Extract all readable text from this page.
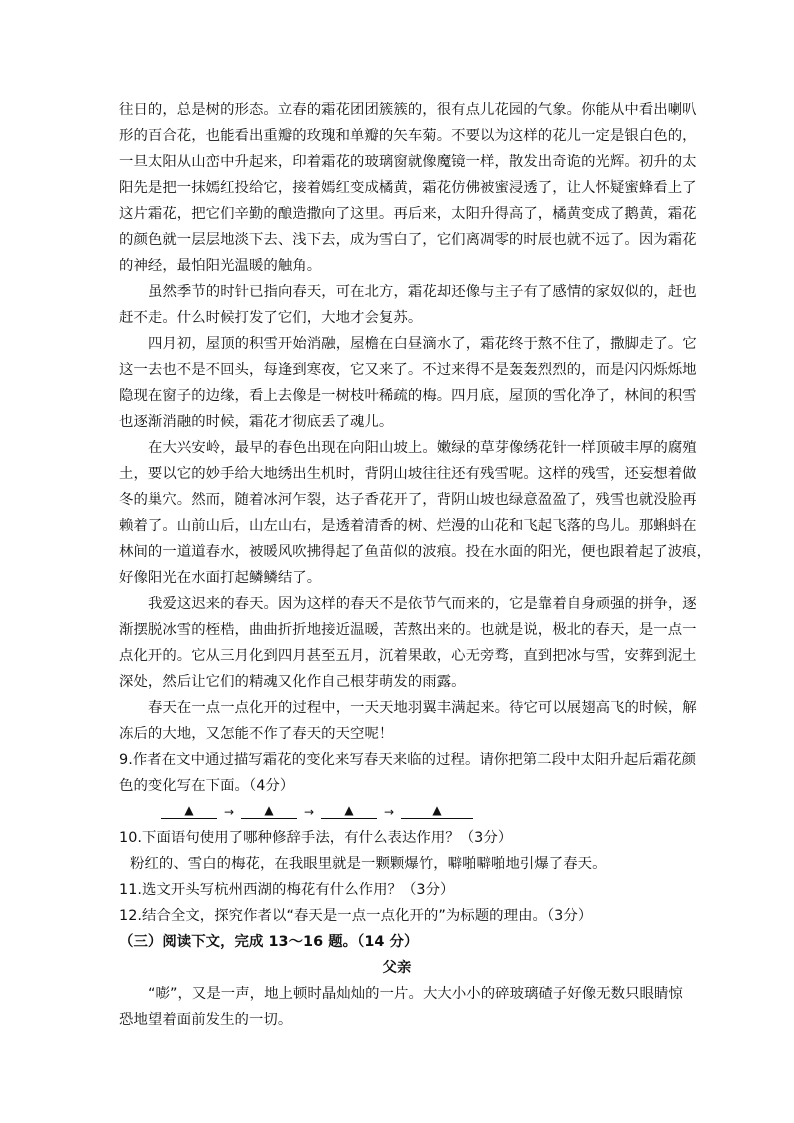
往日的，总是树的形态。立春的霜花团团簇簇的，很有点儿花园的气象。你能从中看出喇叭
形的百合花，也能看出重瓣的玫瑰和单瓣的矢车菊。不要以为这样的花儿一定是银白色的，
一旦太阳从山峦中升起来，印着霜花的玻璃窗就像魔镜一样，散发出奇诡的光辉。初升的太
阳先是把一抹嫣红投给它，接着嫣红变成橘黄，霜花仿佛被蜜浸透了，让人怀疑蜜蜂看上了
这片霜花，把它们辛勤的酿造撒向了这里。再后来，太阳升得高了，橘黄变成了鹅黄，霜花
的颜色就一层层地淡下去、浅下去，成为雪白了，它们离凋零的时辰也就不远了。因为霜花
的神经，最怕阳光温暖的触角。
虽然季节的时针已指向春天，可在北方，霜花却还像与主子有了感情的家奴似的，赶也
赶不走。什么时候打发了它们，大地才会复苏。
四月初，屋顶的积雪开始消融，屋檐在白昼滴水了，霜花终于熬不住了，撒脚走了。它
这一去也不是不回头，每逢到寒夜，它又来了。不过来得不是轰轰烈烈的，而是闪闪烁烁地
隐现在窗子的边缘，看上去像是一树枝叶稀疏的梅。四月底，屋顶的雪化净了，林间的积雪
也逐渐消融的时候，霜花才彻底丢了魂儿。
在大兴安岭，最早的春色出现在向阳山坡上。嫩绿的草芽像绣花针一样顶破丰厚的腐殖
土，要以它的妙手给大地绣出生机时，背阴山坡往往还有残雪呢。这样的残雪，还妄想着做
冬的巢穴。然而，随着冰河乍裂，达子香花开了，背阴山坡也绿意盈盈了，残雪也就没脸再
赖着了。山前山后，山左山右，是透着清香的树、烂漫的山花和飞起飞落的鸟儿。那蝌蚪在
林间的一道道春水，被暖风吹拂得起了鱼苗似的波痕。投在水面的阳光，便也跟着起了波痕，
好像阳光在水面打起鳞鳞结了。
我爱这迟来的春天。因为这样的春天不是依节气而来的，它是靠着自身顽强的拼争，逐
渐摆脱冰雪的桎梏，曲曲折折地接近温暖，苦熬出来的。也就是说，极北的春天，是一点一
点化开的。它从三月化到四月甚至五月，沉着果敢，心无旁骛，直到把冰与雪，安葬到泥土
深处，然后让它们的精魂又化作自己根芽萌发的雨露。
春天在一点一点化开的过程中，一天天地羽翼丰满起来。待它可以展翅高飞的时候，解
冻后的大地，又怎能不作了春天的天空呢！
9.作者在文中通过描写霜花的变化来写春天来临的过程。请你把第二段中太阳升起后霜花颜
色的变化写在下面。（4分）
▲	→	▲	→	▲	→	▲
10.下面语句使用了哪种修辞手法，有什么表达作用？（3分）
粉红的、雪白的梅花，在我眼里就是一颗颗爆竹，噼啪噼啪地引爆了春天。
11.选文开头写杭州西湖的梅花有什么作用？（3分）
12.结合全文，探究作者以“春天是一点一点化开的”为标题的理由。（3分）
（三）阅读下文，完成 13～16 题。（14 分）
父亲
“嘭”，又是一声，地上顿时晶灿灿的一片。大大小小的碎玻璃碴子好像无数只眼睛惊
恐地望着面前发生的一切。
